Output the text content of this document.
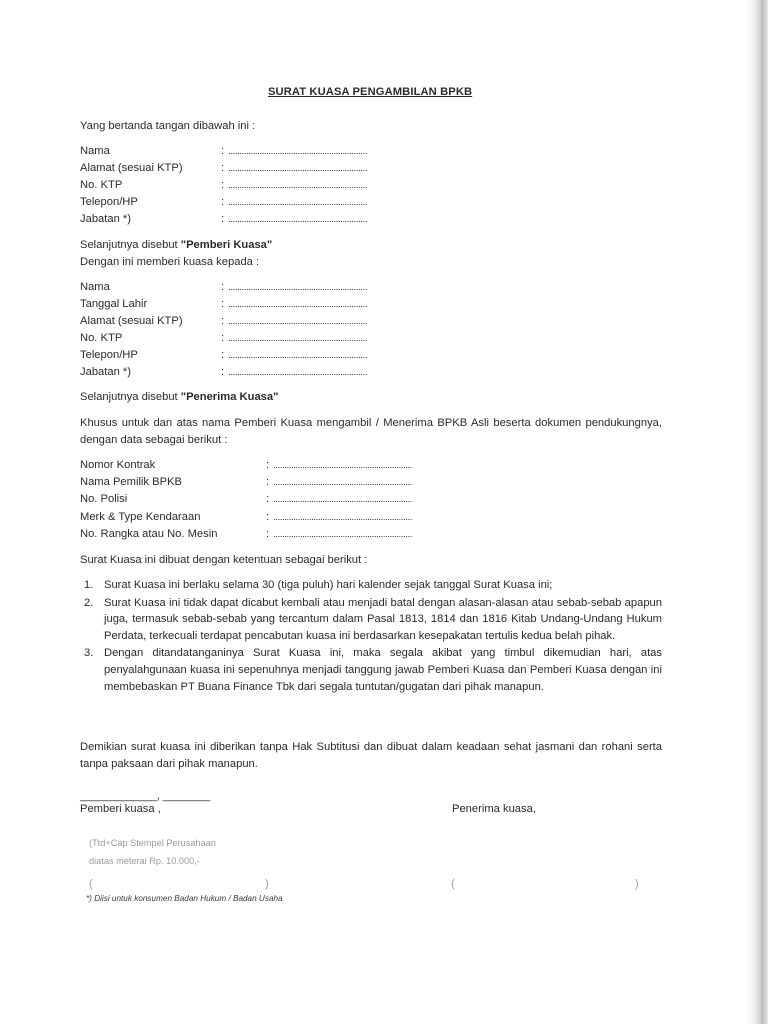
SURAT KUASA PENGAMBILAN BPKB
Yang bertanda tangan dibawah ini :
Nama	: ..............................................................
Alamat (sesuai KTP)	: ..............................................................
No. KTP	: ..............................................................
Telepon/HP	: ..............................................................
Jabatan *)	: ..............................................................
Selanjutnya disebut "Pemberi Kuasa"
Dengan ini memberi kuasa kepada :
Nama	: ..............................................................
Tanggal Lahir	: ..............................................................
Alamat (sesuai KTP)	: ..............................................................
No. KTP	: ..............................................................
Telepon/HP	: ..............................................................
Jabatan *)	: ..............................................................
Selanjutnya disebut "Penerima Kuasa"
Khusus untuk dan atas nama Pemberi Kuasa mengambil / Menerima BPKB Asli beserta dokumen pendukungnya, dengan data sebagai berikut :
Nomor Kontrak	: ..............................................................
Nama Pemilik BPKB	: ..............................................................
No. Polisi	: ..............................................................
Merk & Type Kendaraan	: ..............................................................
No. Rangka atau No. Mesin	: ..............................................................
Surat Kuasa ini dibuat dengan ketentuan sebagai berikut :
1. Surat Kuasa ini berlaku selama 30 (tiga puluh) hari kalender sejak tanggal Surat Kuasa ini;
2. Surat Kuasa ini tidak dapat dicabut kembali atau menjadi batal dengan alasan-alasan atau sebab-sebab apapun juga, termasuk sebab-sebab yang tercantum dalam Pasal 1813, 1814 dan 1816 Kitab Undang-Undang Hukum Perdata, terkecuali terdapat pencabutan kuasa ini berdasarkan kesepakatan tertulis kedua belah pihak.
3. Dengan ditandatanganinya Surat Kuasa ini, maka segala akibat yang timbul dikemudian hari, atas penyalahgunaan kuasa ini sepenuhnya menjadi tanggung jawab Pemberi Kuasa dan Pemberi Kuasa dengan ini membebaskan PT Buana Finance Tbk dari segala tuntutan/gugatan dari pihak manapun.
Demikian surat kuasa ini diberikan tanpa Hak Subtitusi dan dibuat dalam keadaan sehat jasmani dan rohani serta tanpa paksaan dari pihak manapun.
_____________, ________
Pemberi kuasa ,	Penerima kuasa,
(Ttd+Cap Stempel Perusahaan
diatas meterai Rp. 10.000,-
(	)	(	)
*) Diisi untuk konsumen Badan Hukum / Badan Usaha
